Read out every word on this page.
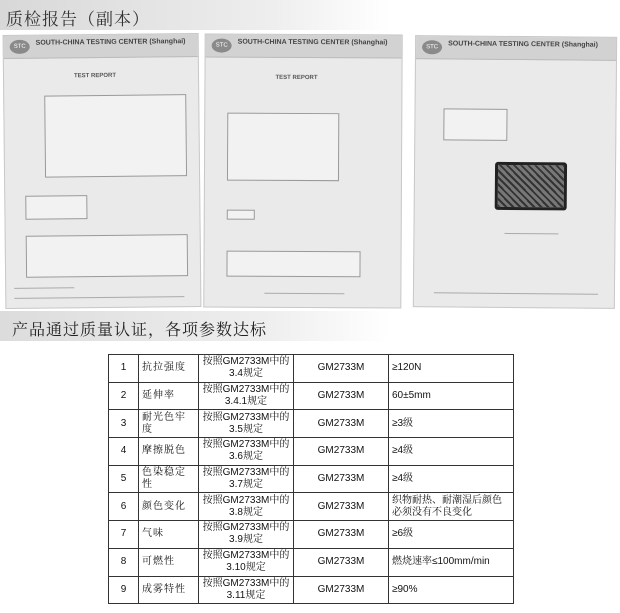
质检报告（副本）
STC
SOUTH-CHINA TESTING CENTER (Shanghai)
TEST REPORT
STC	SOUTH-CHINA TESTING CENTER (Shanghai)
TEST REPORT
STC	SOUTH-CHINA TESTING CENTER (Shanghai)
产品通过质量认证，各项参数达标
1	抗拉强度	按照GM2733M中的3.4规定	GM2733M	≥120N
2	延伸率	按照GM2733M中的3.4.1规定	GM2733M	60±5mm
3	耐光色牢度	按照GM2733M中的3.5规定	GM2733M	≥3级
4	摩擦脱色	按照GM2733M中的3.6规定	GM2733M	≥4级
5	色染稳定性	按照GM2733M中的3.7规定	GM2733M	≥4级
6	颜色变化	按照GM2733M中的3.8规定	GM2733M	织物耐热、耐潮湿后颜色必须没有不良变化
7	气味	按照GM2733M中的3.9规定	GM2733M	≥6级
8	可燃性	按照GM2733M中的3.10规定	GM2733M	燃烧速率≤100mm/min
9	成雾特性	按照GM2733M中的3.11规定	GM2733M	≥90%
